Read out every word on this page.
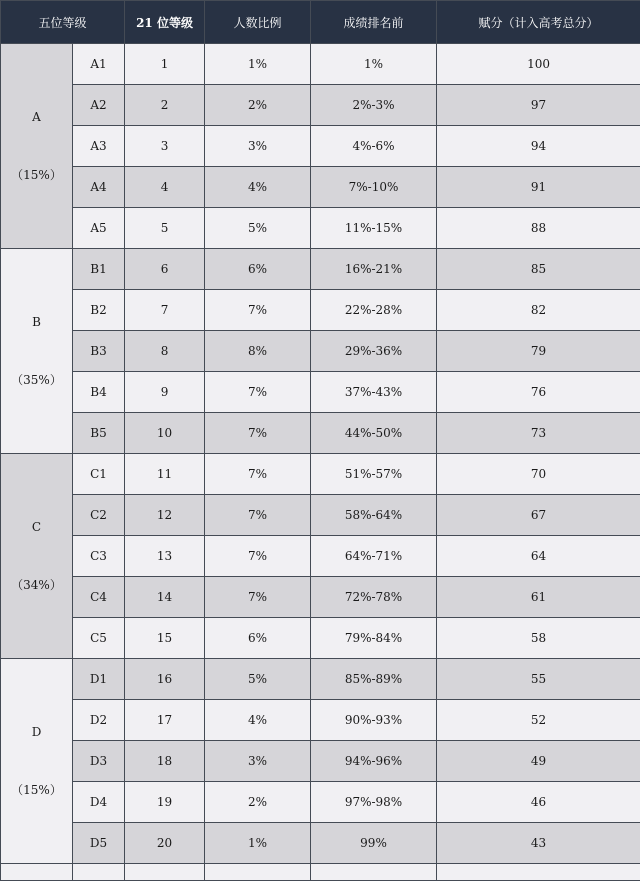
五位等级		21 位等级	人数比例	成绩排名前	赋分（计入高考总分）

A
（15%）	A1	1	1%	1%	100
	A2	2	2%	2%-3%	97
	A3	3	3%	4%-6%	94
	A4	4	4%	7%-10%	91
	A5	5	5%	11%-15%	88

B
（35%）	B1	6	6%	16%-21%	85
	B2	7	7%	22%-28%	82
	B3	8	8%	29%-36%	79
	B4	9	7%	37%-43%	76
	B5	10	7%	44%-50%	73

C
（34%）	C1	11	7%	51%-57%	70
	C2	12	7%	58%-64%	67
	C3	13	7%	64%-71%	64
	C4	14	7%	72%-78%	61
	C5	15	6%	79%-84%	58

D
（15%）	D1	16	5%	85%-89%	55
	D2	17	4%	90%-93%	52
	D3	18	3%	94%-96%	49
	D4	19	2%	97%-98%	46
	D5	20	1%	99%	43
